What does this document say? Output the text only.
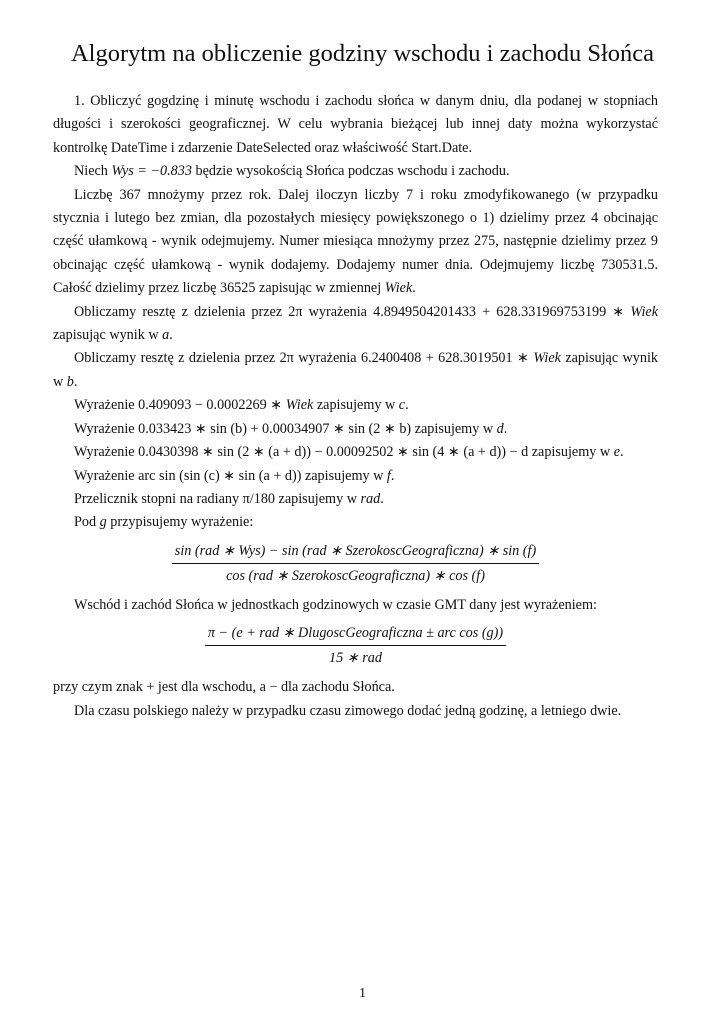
Algorytm na obliczenie godziny wschodu i zachodu Słońca

1. Obliczyć gogdzinę i minutę wschodu i zachodu słońca w danym dniu, dla podanej w stopniach długości i szerokości geograficznej. W celu wybrania bieżącej lub innej daty można wykorzystać kontrolkę DateTime i zdarzenie DateSelected oraz właściwość Start.Date.

Niech Wys = −0.833 będzie wysokością Słońca podczas wschodu i zachodu.

Liczbę 367 mnożymy przez rok. Dalej iloczyn liczby 7 i roku zmodyfikowanego (w przypadku stycznia i lutego bez zmian, dla pozostałych miesięcy powiększonego o 1) dzielimy przez 4 obcinając część ułamkową - wynik odejmujemy. Numer miesiąca mnożymy przez 275, następnie dzielimy przez 9 obcinając część ułamkową - wynik dodajemy. Dodajemy numer dnia. Odejmujemy liczbę 730531.5. Całość dzielimy przez liczbę 36525 zapisując w zmiennej Wiek.

Obliczamy resztę z dzielenia przez 2π wyrażenia 4.8949504201433 + 628.331969753199 ∗ Wiek zapisując wynik w a.

Obliczamy resztę z dzielenia przez 2π wyrażenia 6.2400408 + 628.3019501 ∗ Wiek zapisując wynik w b.

Wyrażenie 0.409093 − 0.0002269 ∗ Wiek zapisujemy w c.

Wyrażenie 0.033423 ∗ sin (b) + 0.00034907 ∗ sin (2 ∗ b) zapisujemy w d.

Wyrażenie 0.0430398 ∗ sin (2 ∗ (a + d)) − 0.00092502 ∗ sin (4 ∗ (a + d)) − d zapisujemy w e.

Wyrażenie arc sin (sin (c) ∗ sin (a + d)) zapisujemy w f.

Przelicznik stopni na radiany π/180 zapisujemy w rad.

Pod g przypisujemy wyrażenie:

sin (rad ∗ Wys) − sin (rad ∗ SzerokoscGeograficzna) ∗ sin (f)
cos (rad ∗ SzerokoscGeograficzna) ∗ cos (f)

Wschód i zachód Słońca w jednostkach godzinowych w czasie GMT dany jest wyrażeniem:

$\frac{\text{π − (e + rad ∗ DlugoscGeograficzna ± arc cos (g))}}{\text{15 ∗ rad}}$

przy czym znak + jest dla wschodu, a − dla zachodu Słońca.

Dla czasu polskiego należy w przypadku czasu zimowego dodać jedną godzinę, a letniego dwie.

1
